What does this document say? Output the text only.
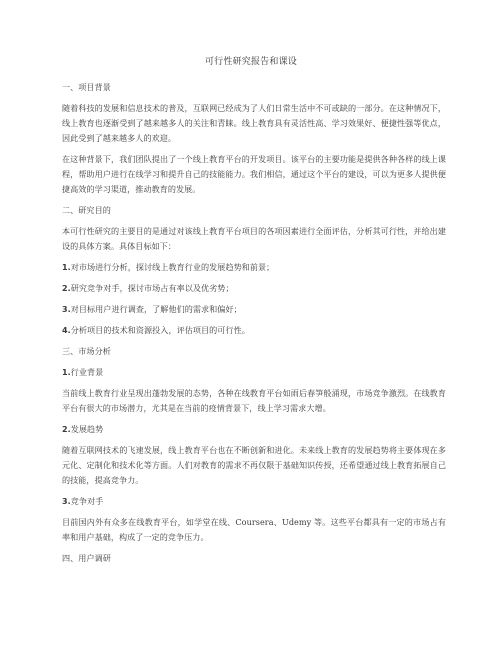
可行性研究报告和课设
一、项目背景
随着科技的发展和信息技术的普及，互联网已经成为了人们日常生活中不可或缺的一部分。在这种情况下，线上教育也逐渐受到了越来越多人的关注和青睐。线上教育具有灵活性高、学习效果好、便捷性强等优点，因此受到了越来越多人的欢迎。
在这种背景下，我们团队提出了一个线上教育平台的开发项目。该平台的主要功能是提供各种各样的线上课程，帮助用户进行在线学习和提升自己的技能能力。我们相信，通过这个平台的建设，可以为更多人提供便捷高效的学习渠道，推动教育的发展。
二、研究目的
本可行性研究的主要目的是通过对该线上教育平台项目的各项因素进行全面评估，分析其可行性，并给出建设的具体方案。具体目标如下：
1.对市场进行分析，探讨线上教育行业的发展趋势和前景；
2.研究竞争对手，探讨市场占有率以及优劣势；
3.对目标用户进行调查，了解他们的需求和偏好；
4.分析项目的技术和资源投入，评估项目的可行性。
三、市场分析
1.行业背景
当前线上教育行业呈现出蓬勃发展的态势，各种在线教育平台如雨后春笋般涌现，市场竞争激烈。在线教育平台有很大的市场潜力，尤其是在当前的疫情背景下，线上学习需求大增。
2.发展趋势
随着互联网技术的飞速发展，线上教育平台也在不断创新和进化。未来线上教育的发展趋势将主要体现在多元化、定制化和技术化等方面。人们对教育的需求不再仅限于基础知识传授，还希望通过线上教育拓展自己的技能，提高竞争力。
3.竞争对手
目前国内外有众多在线教育平台，如学堂在线、Coursera、Udemy 等。这些平台都具有一定的市场占有率和用户基础，构成了一定的竞争压力。
四、用户调研
